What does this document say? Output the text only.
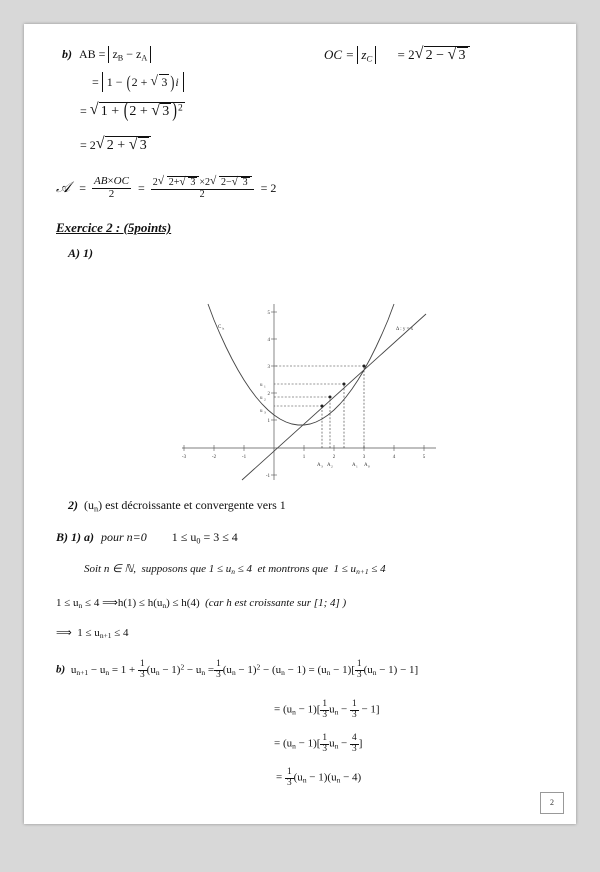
b) AB = $z_B - z_A$
= 1 − (2 + √ 3 )i
= √ 1 + (2 + √ 3 )$^2$
= 2 √ 2 + √ 3
OC = $z_C = 2$ √ 2 − √ 3
𝒜 = $\frac{AB\times OC}{2} = \frac{2 √ 2+ √ 3 \times 2 √ 2- √ 3}{2} = 2$
Exercice 2 : (5points)
A) 1)
-3	-2	-1	1	2	3	4	5
1
2
3
4
5
-1
C h	Δ : y = x
u 1
u 2
u 3
A 3 A 2	A 1 A 0
2) $(u_n)$ est décroissante et convergente vers 1
B) 1) a) pour n=0 $1 \le u_0 = 3 \le 4$
Soit n ∈ ℕ,  supposons que $1 \le u_n \le 4$  et montrons que  $1 \le u_{n+1} \le 4$
$1 \le u_n \le 4$ ⟹h(1) ≤ $h(u_n) \le h(4)$  (car h est croissante sur [1; 4] )
⟹  $1 \le u_{n+1} \le 4$
b) $u_{n+1} - u_n = 1 + \frac{1}{3} (u_n - 1)^2 - u_n = \frac{1}{3} (u_n - 1)^2 - (u_n - 1) = (u_n - 1)[ \frac{1}{3} (u_n - 1) - 1]$
= $(u_n - 1)[ \frac{1}{3} u_n - \frac{1}{3} - 1]$
= $(u_n - 1)[ \frac{1}{3} u_n - \frac{4}{3}$ ]
= $\frac{1}{3} (u_n - 1)(u_n - 4)$
2
